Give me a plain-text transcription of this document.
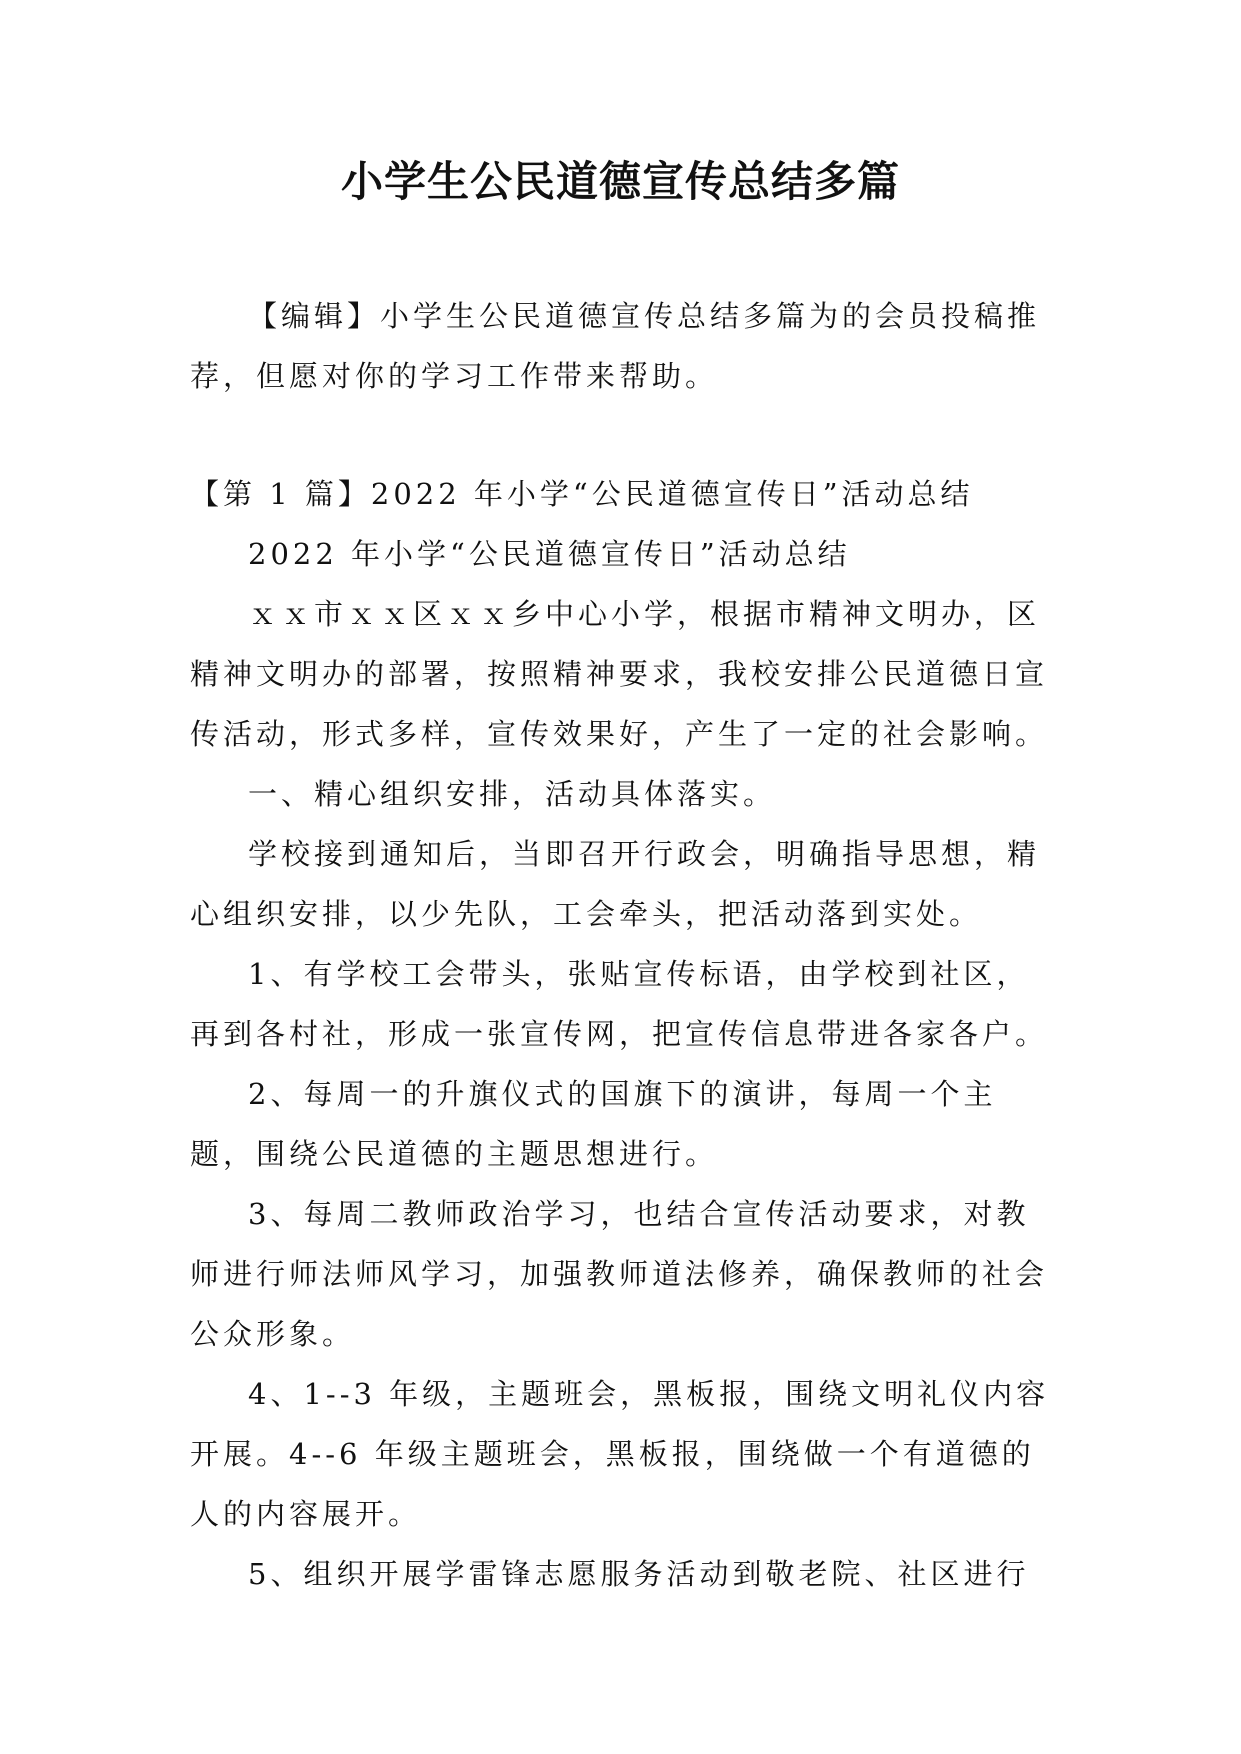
小学生公民道德宣传总结多篇

【编辑】小学生公民道德宣传总结多篇为的会员投稿推荐，但愿对你的学习工作带来帮助。

【第 1 篇】2022 年小学“公民道德宣传日”活动总结

2022 年小学“公民道德宣传日”活动总结

ｘｘ市ｘｘ区ｘｘ乡中心小学，根据市精神文明办，区精神文明办的部署，按照精神要求，我校安排公民道德日宣传活动，形式多样，宣传效果好，产生了一定的社会影响。

一、精心组织安排，活动具体落实。

学校接到通知后，当即召开行政会，明确指导思想，精心组织安排，以少先队，工会牵头，把活动落到实处。

1、有学校工会带头，张贴宣传标语，由学校到社区，再到各村社，形成一张宣传网，把宣传信息带进各家各户。

2、每周一的升旗仪式的国旗下的演讲，每周一个主题，围绕公民道德的主题思想进行。

3、每周二教师政治学习，也结合宣传活动要求，对教师进行师法师风学习，加强教师道法修养，确保教师的社会公众形象。

4、1--3 年级，主题班会，黑板报，围绕文明礼仪内容开展。4--6 年级主题班会，黑板报，围绕做一个有道德的人的内容展开。

5、组织开展学雷锋志愿服务活动到敬老院、社区进行
